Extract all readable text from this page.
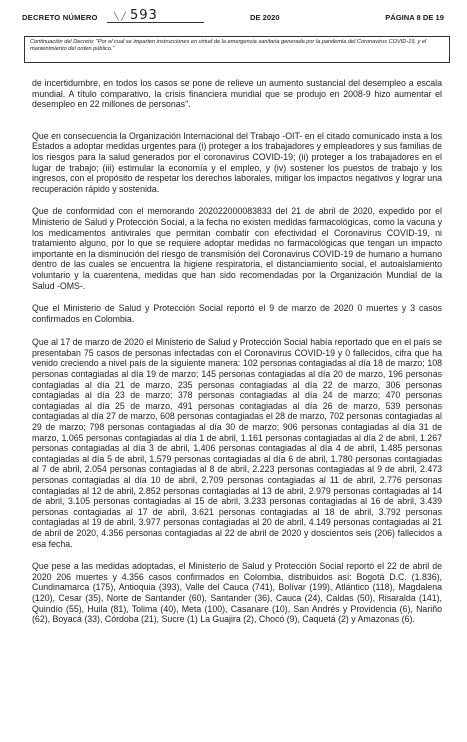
DECRETO NÚMERO ╲ ╱ 593	DE 2020	PÁGINA 8 DE 19

Continuación del Decreto: "Por el cual se imparten instrucciones en virtud de la emergencia sanitaria generada por la pandemia del Coronavirus COVID-19, y el mantenimiento del orden público."

de incertidumbre, en todos los casos se pone de relieve un aumento sustancial del desempleo a escala mundial. A título comparativo, la crisis financiera mundial que se produjo en 2008-9 hizo aumentar el desempleo en 22 millones de personas".

Que en consecuencia la Organización Internacional del Trabajo -OIT- en el citado comunicado insta a los Estados a adoptar medidas urgentes para (i) proteger a los trabajadores y empleadores y sus familias de los riesgos para la salud generados por el coronavirus COVID-19; (ii) proteger a los trabajadores en el lugar de trabajo; (iii) estimular la economía y el empleo, y (iv) sostener los puestos de trabajo y los ingresos, con el propósito de respetar los derechos laborales, mitigar los impactos negativos y lograr una recuperación rápido y sostenida.

Que de conformidad con el memorando 202022000083833 del 21 de abril de 2020, expedido por el Ministerio de Salud y Protección Social, a la fecha no existen medidas farmacológicas, como la vacuna y los medicamentos antivirales que permitan combatir con efectividad el Coronavirus COVID-19, ni tratamiento alguno, por lo que se requiere adoptar medidas no farmacológicas que tengan un impacto importante en la disminución del riesgo de transmisión del Coronavirus COVID-19 de humano a humano dentro de las cuales se encuentra la higiene respiratoria, el distanciamiento social, el autoaislamiento voluntario y la cuarentena, medidas que han sido recomendadas por la Organización Mundial de la Salud -OMS-.

Que el Ministerio de Salud y Protección Social reportó el 9 de marzo de 2020 0 muertes y 3 casos confirmados en Colombia.

Que al 17 de marzo de 2020 el Ministerio de Salud y Protección Social había reportado que en el país se presentaban 75 casos de personas infectadas con el Coronavirus COVID-19 y 0 fallecidos, cifra que ha venido creciendo a nivel país de la siguiente manera: 102 personas contagiadas al día 18 de marzo; 108 personas contagiadas al día 19 de marzo; 145 personas contagiadas al día 20 de marzo, 196 personas contagiadas al día 21 de marzo, 235 personas contagiadas al día 22 de marzo, 306 personas contagiadas al día 23 de marzo; 378 personas contagiadas al día 24 de marzo; 470 personas contagiadas al día 25 de marzo, 491 personas contagiadas al día 26 de marzo, 539 personas contagiadas al día 27 de marzo, 608 personas contagiadas el 28 de marzo, 702 personas contagiadas al 29 de marzo; 798 personas contagiadas al día 30 de marzo; 906 personas contagiadas al día 31 de marzo, 1.065 personas contagiadas al día 1 de abril, 1.161 personas contagiadas al día 2 de abril, 1.267 personas contagiadas al día 3 de abril, 1.406 personas contagiadas al día 4 de abril, 1.485 personas contagiadas al día 5 de abril, 1.579 personas contagiadas al día 6 de abril, 1.780 personas contagiadas al 7 de abril, 2.054 personas contagiadas al 8 de abril, 2.223 personas contagiadas al 9 de abril, 2.473 personas contagiadas al día 10 de abril, 2.709 personas contagiadas al 11 de abril, 2.776 personas contagiadas al 12 de abril, 2.852 personas contagiadas al 13 de abril, 2.979 personas contagiadas al 14 de abril, 3.105 personas contagiadas al 15 de abril, 3.233 personas contagiadas al 16 de abril, 3.439 personas contagiadas al 17 de abril, 3.621 personas contagiadas al 18 de abril, 3.792 personas contagiadas al 19 de abril, 3.977 personas contagiadas al 20 de abril, 4.149 personas contagiadas al 21 de abril de 2020, 4.356 personas contagiadas al 22 de abril de 2020 y doscientos seis (206) fallecidos a esa fecha.

Que pese a las medidas adoptadas, el Ministerio de Salud y Protección Social reportó el 22 de abril de 2020 206 muertes y 4.356 casos confirmados en Colombia, distribuidos así: Bogotá D.C. (1.836), Cundinamarca (175), Antioquia (393), Valle del Cauca (741), Bolívar (199), Atlántico (118), Magdalena (120), Cesar (35), Norte de Santander (60), Santander (36), Cauca (24), Caldas (50), Risaralda (141), Quindío (55), Huila (81), Tolima (40), Meta (100), Casanare (10), San Andrés y Providencia (6), Nariño (62), Boyacá (33), Córdoba (21), Sucre (1) La Guajira (2), Chocó (9), Caquetá (2) y Amazonas (6).
